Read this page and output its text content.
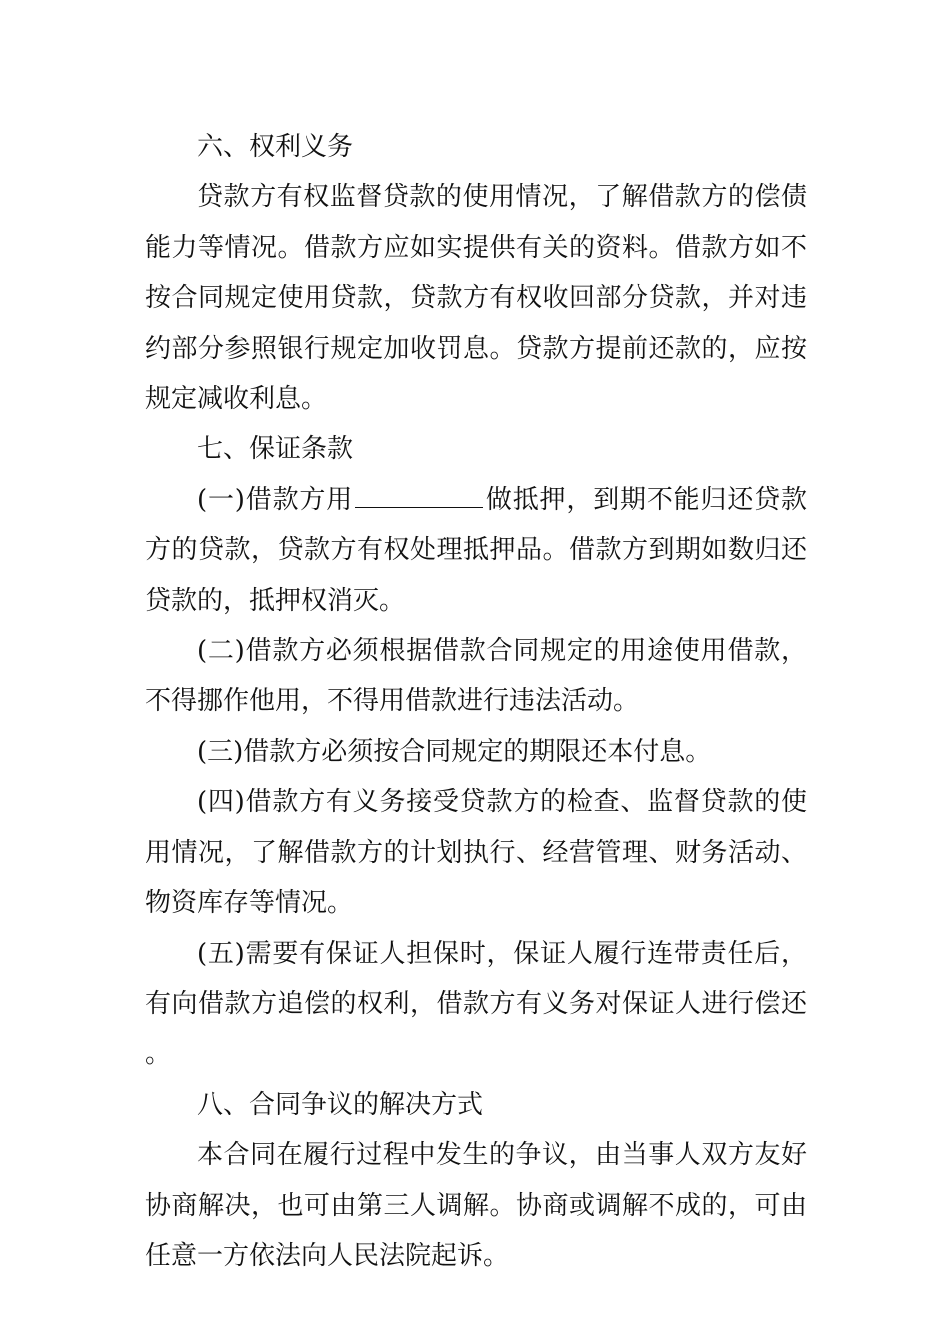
六、权利义务

贷款方有权监督贷款的使用情况，了解借款方的偿债能力等情况。借款方应如实提供有关的资料。借款方如不按合同规定使用贷款，贷款方有权收回部分贷款，并对违约部分参照银行规定加收罚息。贷款方提前还款的，应按规定减收利息。

七、保证条款

(一)借款方用	做抵押，到期不能归还贷款方的贷款，贷款方有权处理抵押品。借款方到期如数归还贷款的，抵押权消灭。

(二)借款方必须根据借款合同规定的用途使用借款，不得挪作他用，不得用借款进行违法活动。

(三)借款方必须按合同规定的期限还本付息。

(四)借款方有义务接受贷款方的检查、监督贷款的使用情况，了解借款方的计划执行、经营管理、财务活动、物资库存等情况。

(五)需要有保证人担保时，保证人履行连带责任后，有向借款方追偿的权利，借款方有义务对保证人进行偿还。

八、合同争议的解决方式

本合同在履行过程中发生的争议，由当事人双方友好协商解决，也可由第三人调解。协商或调解不成的，可由任意一方依法向人民法院起诉。
